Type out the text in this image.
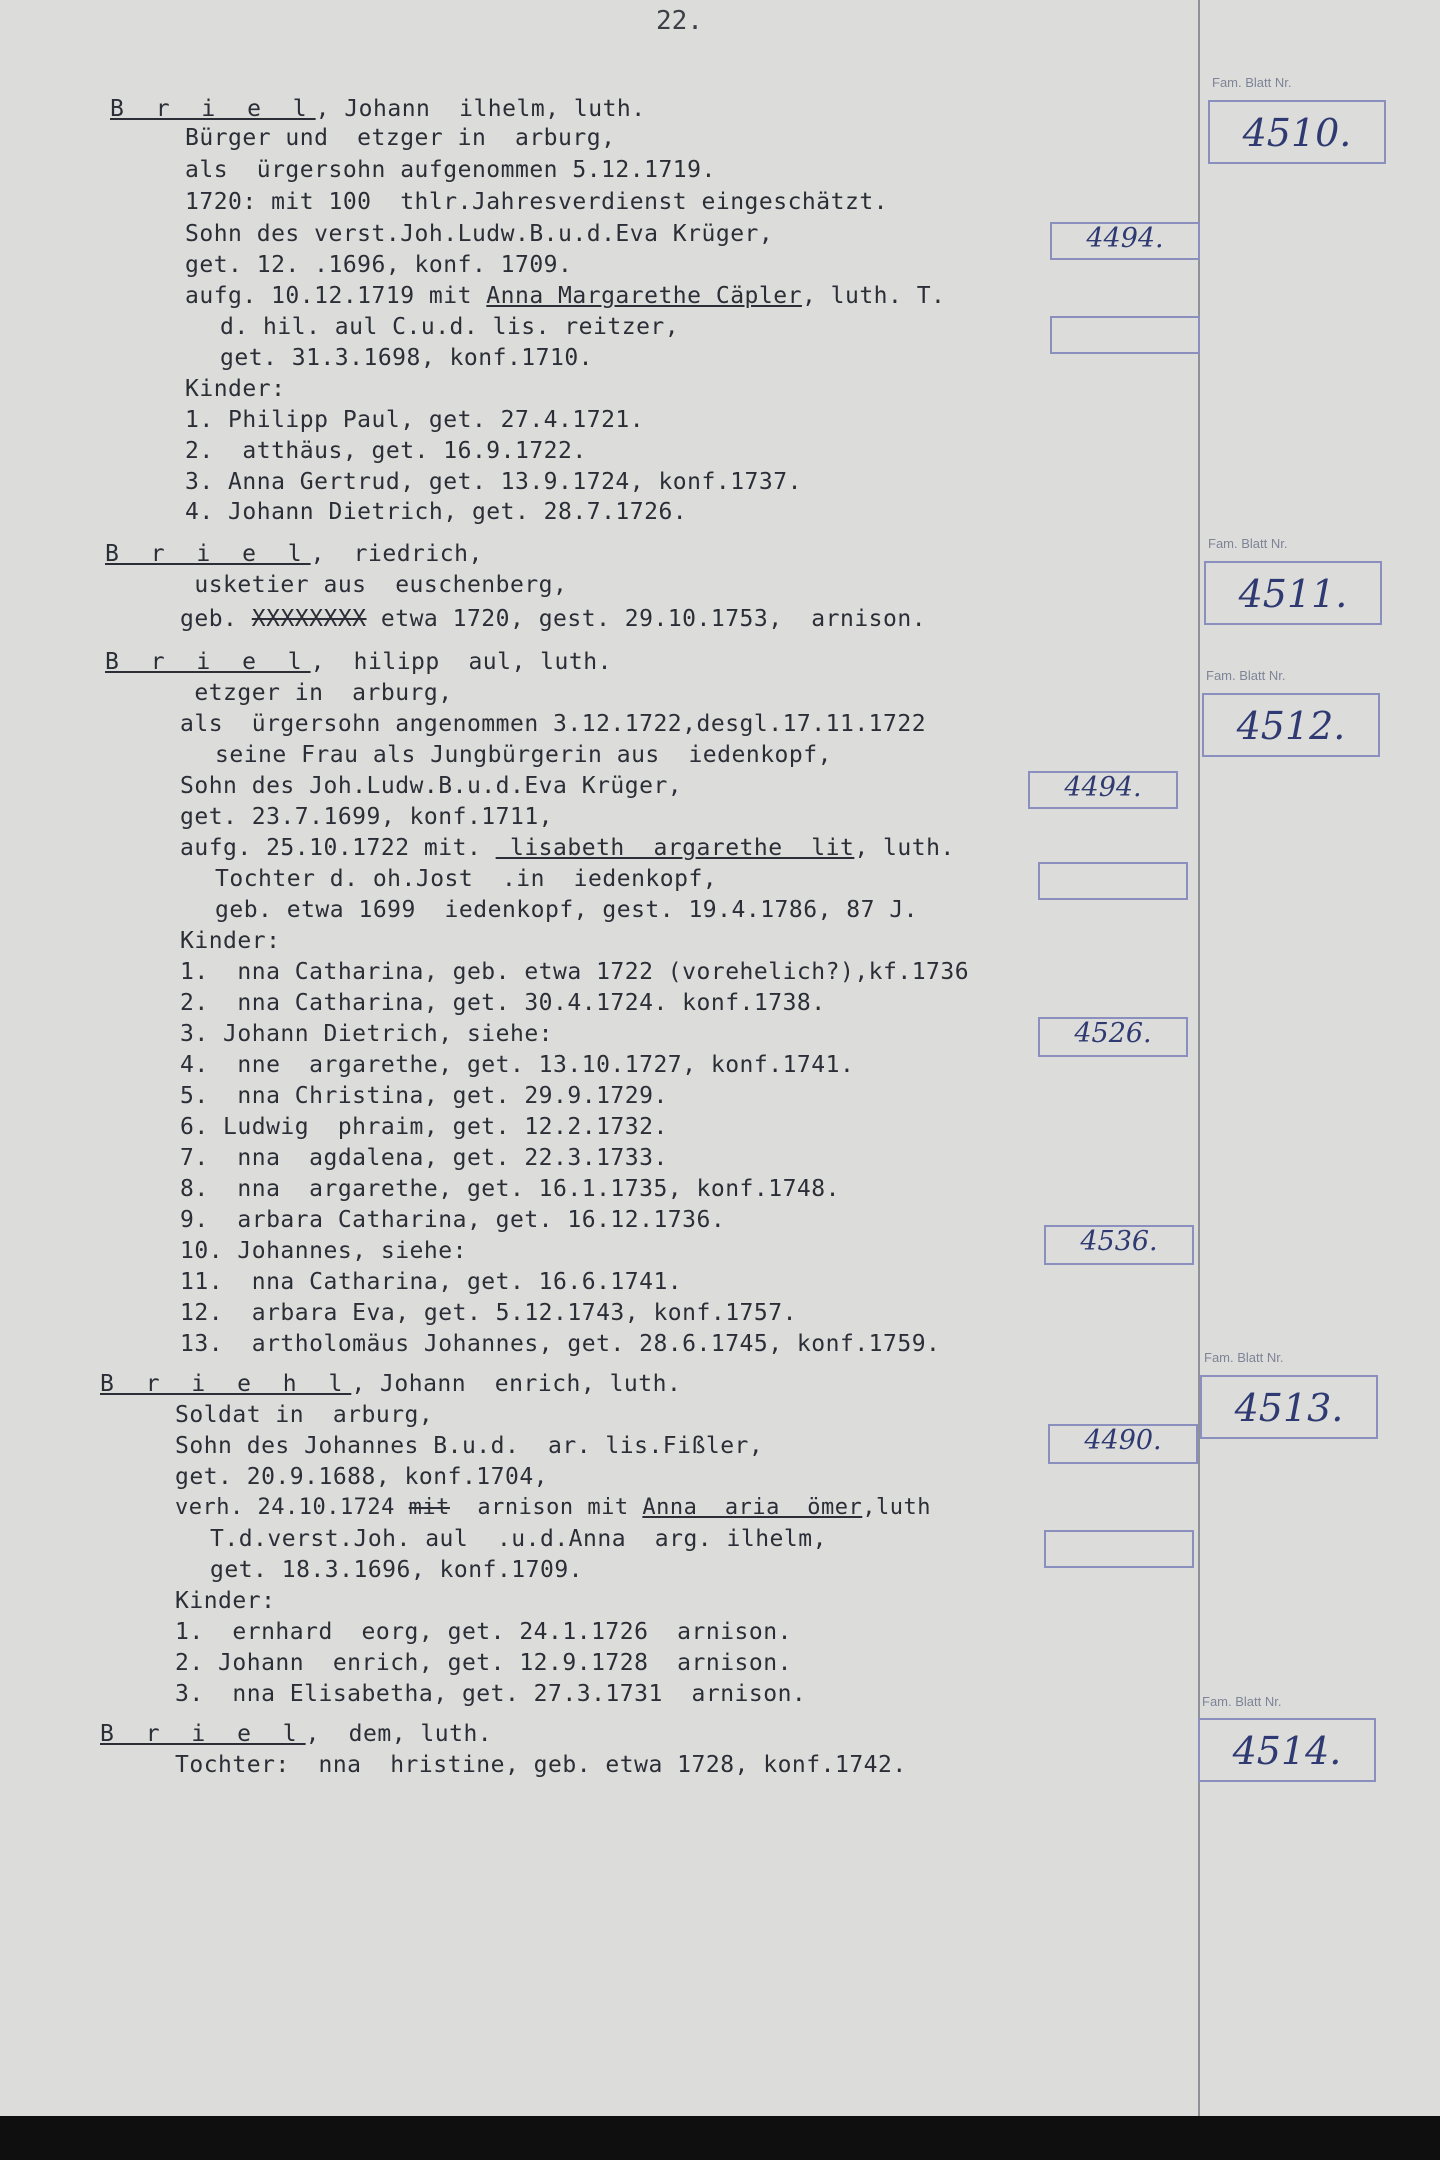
22.
B r i e l, Johann  ilhelm, luth.
Bürger und  etzger in  arburg,
als  ürgersohn aufgenommen 5.12.1719.
1720: mit 100  thlr.Jahresverdienst eingeschätzt.
Sohn des verst.Joh.Ludw.B.u.d.Eva Krüger,
get. 12. .1696, konf. 1709.
aufg. 10.12.1719 mit Anna Margarethe Cäpler, luth. T.
d. hil. aul C.u.d. lis. reitzer,
get. 31.3.1698, konf.1710.
Kinder:
1. Philipp Paul, get. 27.4.1721.
2.  atthäus, get. 16.9.1722.
3. Anna Gertrud, get. 13.9.1724, konf.1737.
4. Johann Dietrich, get. 28.7.1726.
4494.
B r i e l,  riedrich,
usketier aus  euschenberg,
geb. XXXXXXXX etwa 1720, gest. 29.10.1753,  arnison.
B r i e l,  hilipp  aul, luth.
etzger in  arburg,
als  ürgersohn angenommen 3.12.1722,desgl.17.11.1722
seine Frau als Jungbürgerin aus  iedenkopf,
Sohn des Joh.Ludw.B.u.d.Eva Krüger,
get. 23.7.1699, konf.1711,
aufg. 25.10.1722 mit.  lisabeth  argarethe  lit, luth.
Tochter d. oh.Jost  .in  iedenkopf,
geb. etwa 1699  iedenkopf, gest. 19.4.1786, 87 J.
Kinder:
1.  nna Catharina, geb. etwa 1722 (vorehelich?),kf.1736
2.  nna Catharina, get. 30.4.1724. konf.1738.
3. Johann Dietrich, siehe:
4.  nne  argarethe, get. 13.10.1727, konf.1741.
5.  nna Christina, get. 29.9.1729.
6. Ludwig  phraim, get. 12.2.1732.
7.  nna  agdalena, get. 22.3.1733.
8.  nna  argarethe, get. 16.1.1735, konf.1748.
9.  arbara Catharina, get. 16.12.1736.
10. Johannes, siehe:
11.  nna Catharina, get. 16.6.1741.
12.  arbara Eva, get. 5.12.1743, konf.1757.
13.  artholomäus Johannes, get. 28.6.1745, konf.1759.
4494.
4526.
4536.
B r i e h l, Johann  enrich, luth.
Soldat in  arburg,
Sohn des Johannes B.u.d.  ar. lis.Fißler,
get. 20.9.1688, konf.1704,
verh. 24.10.1724 mit  arnison mit Anna  aria  ömer,luth
T.d.verst.Joh. aul  .u.d.Anna  arg. ilhelm,
get. 18.3.1696, konf.1709.
Kinder:
1.  ernhard  eorg, get. 24.1.1726  arnison.
2. Johann  enrich, get. 12.9.1728  arnison.
3.  nna Elisabetha, get. 27.3.1731  arnison.
4490.
B r i e l,  dem, luth.
Tochter:  nna  hristine, geb. etwa 1728, konf.1742.
Fam. Blatt Nr.
4510.
Fam. Blatt Nr.
4511.
Fam. Blatt Nr.
4512.
Fam. Blatt Nr.
4513.
Fam. Blatt Nr.
4514.
